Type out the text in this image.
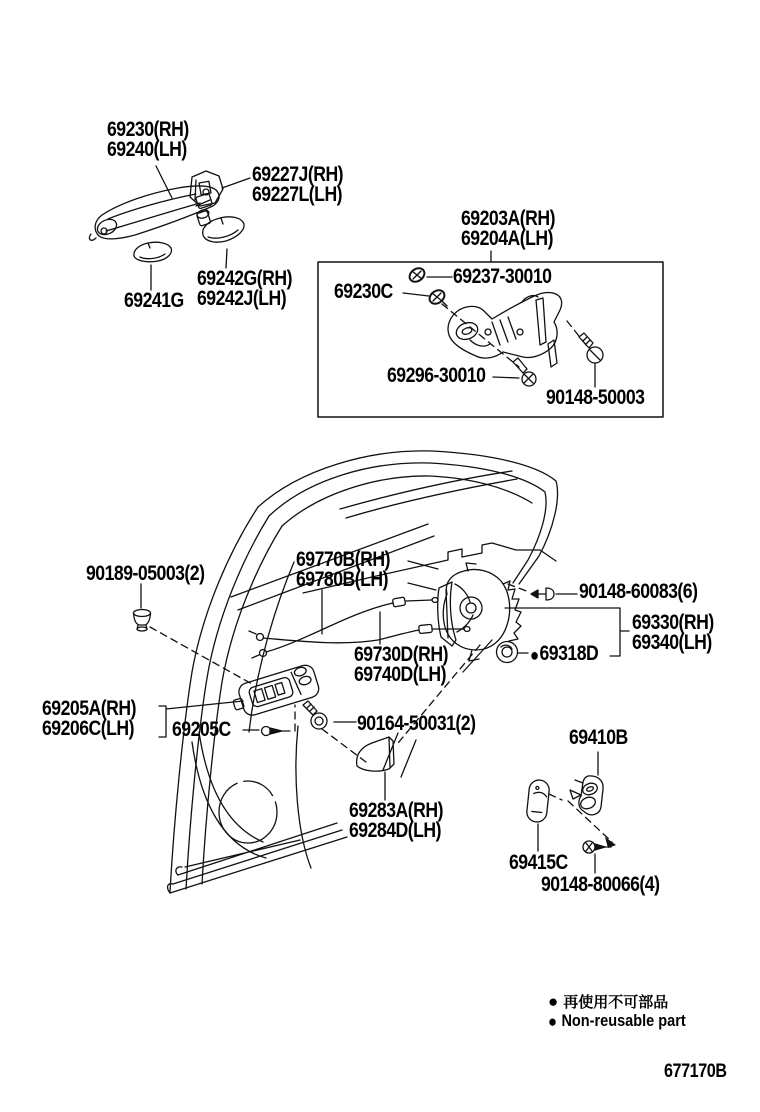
69230(RH)
69240(LH)
69227J(RH)
69227L(LH)
69241G
69242G(RH)
69242J(LH)
69203A(RH)
69204A(LH)
69237-30010
69230C
69296-30010
90148-50003
90189-05003(2)
69770B(RH)
69780B(LH)
90148-60083(6)
69330(RH)
69340(LH)
●69318D
69730D(RH)
69740D(LH)
69205A(RH)
69206C(LH) 69205C	90164-50031(2)
69283A(RH)
69284D(LH)
69410B
69415C
90148-80066(4)
● 再使用不可部品
● Non-reusable part
677170B
